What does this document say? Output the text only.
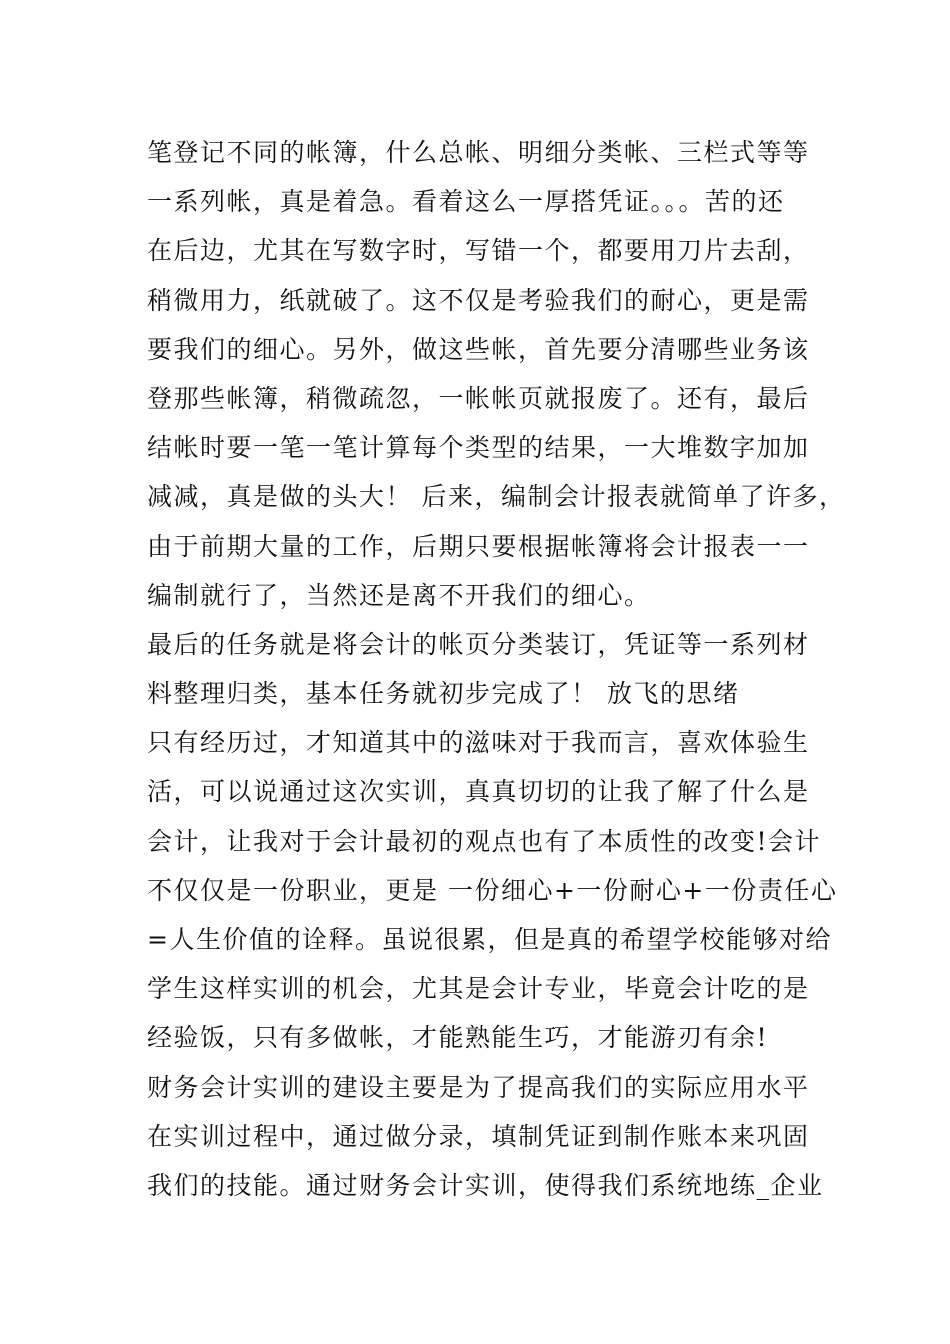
笔登记不同的帐簿，什么总帐、明细分类帐、三栏式等等
一系列帐，真是着急。看着这么一厚搭凭证。。。苦的还
在后边，尤其在写数字时，写错一个，都要用刀片去刮，
稍微用力，纸就破了。这不仅是考验我们的耐心，更是需
要我们的细心。另外，做这些帐，首先要分清哪些业务该
登那些帐簿，稍微疏忽，一帐帐页就报废了。还有，最后
结帐时要一笔一笔计算每个类型的结果，一大堆数字加加
减减，真是做的头大！ 后来，编制会计报表就简单了许多，
由于前期大量的工作，后期只要根据帐簿将会计报表一一
编制就行了，当然还是离不开我们的细心。
最后的任务就是将会计的帐页分类装订，凭证等一系列材
料整理归类，基本任务就初步完成了！ 放飞的思绪
只有经历过，才知道其中的滋味对于我而言，喜欢体验生
活，可以说通过这次实训，真真切切的让我了解了什么是
会计，让我对于会计最初的观点也有了本质性的改变!会计
不仅仅是一份职业，更是 一份细心+一份耐心+一份责任心
=人生价值的诠释。虽说很累，但是真的希望学校能够对给
学生这样实训的机会，尤其是会计专业，毕竟会计吃的是
经验饭，只有多做帐，才能熟能生巧，才能游刃有余!
财务会计实训的建设主要是为了提高我们的实际应用水平
在实训过程中，通过做分录，填制凭证到制作账本来巩固
我们的技能。通过财务会计实训，使得我们系统地练_企业
